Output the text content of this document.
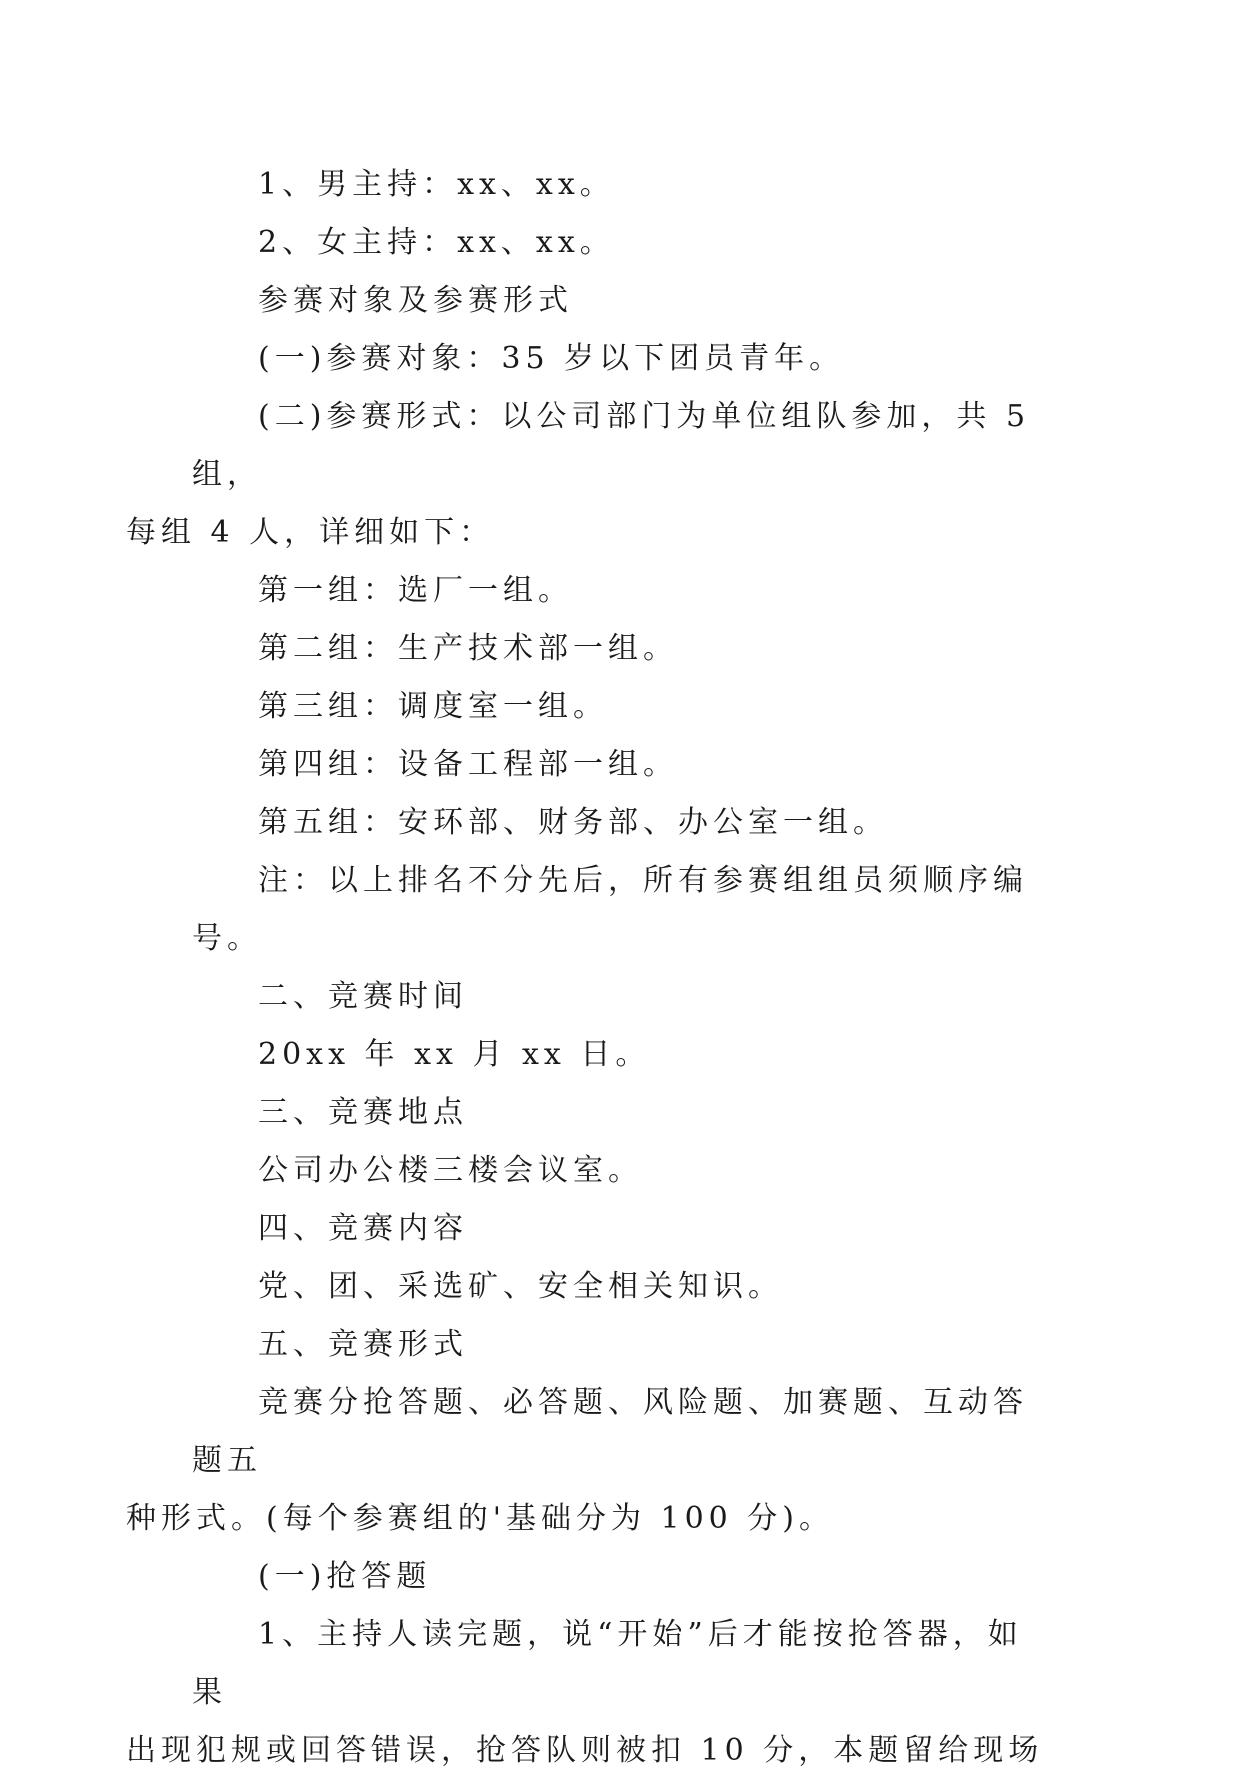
1、男主持：xx、xx。

2、女主持：xx、xx。

参赛对象及参赛形式

(一)参赛对象：35 岁以下团员青年。

(二)参赛形式：以公司部门为单位组队参加，共 5 组，
每组 4 人，详细如下：

第一组：选厂一组。

第二组：生产技术部一组。

第三组：调度室一组。

第四组：设备工程部一组。

第五组：安环部、财务部、办公室一组。

注：以上排名不分先后，所有参赛组组员须顺序编号。

二、竞赛时间

20xx 年 xx 月 xx 日。

三、竞赛地点

公司办公楼三楼会议室。

四、竞赛内容

党、团、采选矿、安全相关知识。

五、竞赛形式

竞赛分抢答题、必答题、风险题、加赛题、互动答题五
种形式。(每个参赛组的'基础分为 100 分)。

(一)抢答题

1、主持人读完题，说“开始”后才能按抢答器，如果
出现犯规或回答错误，抢答队则被扣 10 分，本题留给现场
